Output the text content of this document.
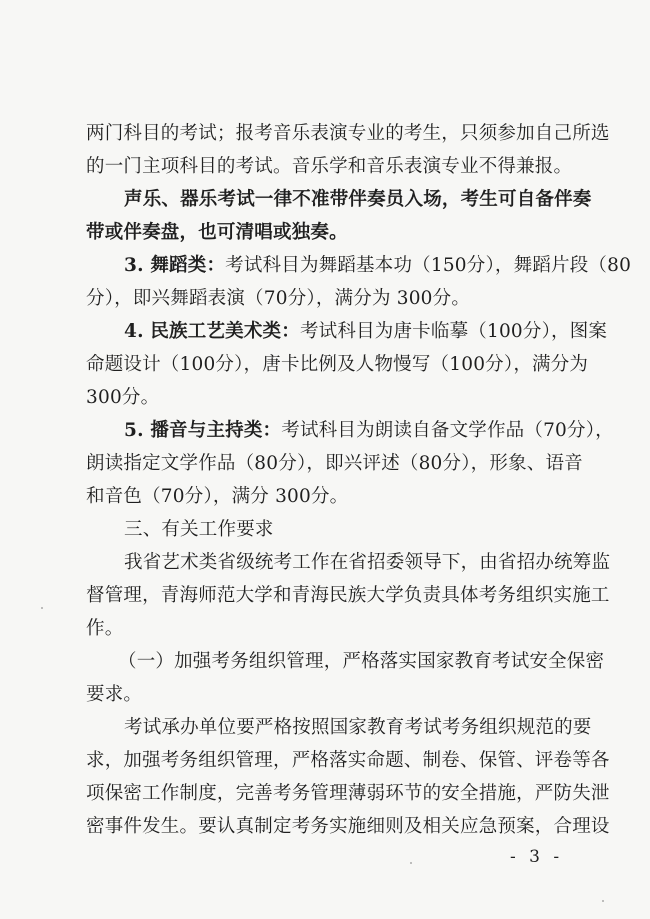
两门科目的考试；报考音乐表演专业的考生，只须参加自己所选
的一门主项科目的考试。音乐学和音乐表演专业不得兼报。
声乐、器乐考试一律不准带伴奏员入场，考生可自备伴奏
带或伴奏盘，也可清唱或独奏。
3. 舞蹈类：考试科目为舞蹈基本功（150分），舞蹈片段（80
分），即兴舞蹈表演（70分），满分为 300分。
4. 民族工艺美术类：考试科目为唐卡临摹（100分），图案
命题设计（100分），唐卡比例及人物慢写（100分），满分为
300分。
5. 播音与主持类：考试科目为朗读自备文学作品（70分），
朗读指定文学作品（80分），即兴评述（80分），形象、语音
和音色（70分），满分 300分。
三、有关工作要求
我省艺术类省级统考工作在省招委领导下，由省招办统筹监
督管理，青海师范大学和青海民族大学负责具体考务组织实施工
作。
（一）加强考务组织管理，严格落实国家教育考试安全保密
要求。
考试承办单位要严格按照国家教育考试考务组织规范的要
求，加强考务组织管理，严格落实命题、制卷、保管、评卷等各
项保密工作制度，完善考务管理薄弱环节的安全措施，严防失泄
密事件发生。要认真制定考务实施细则及相关应急预案，合理设
- 3 -
